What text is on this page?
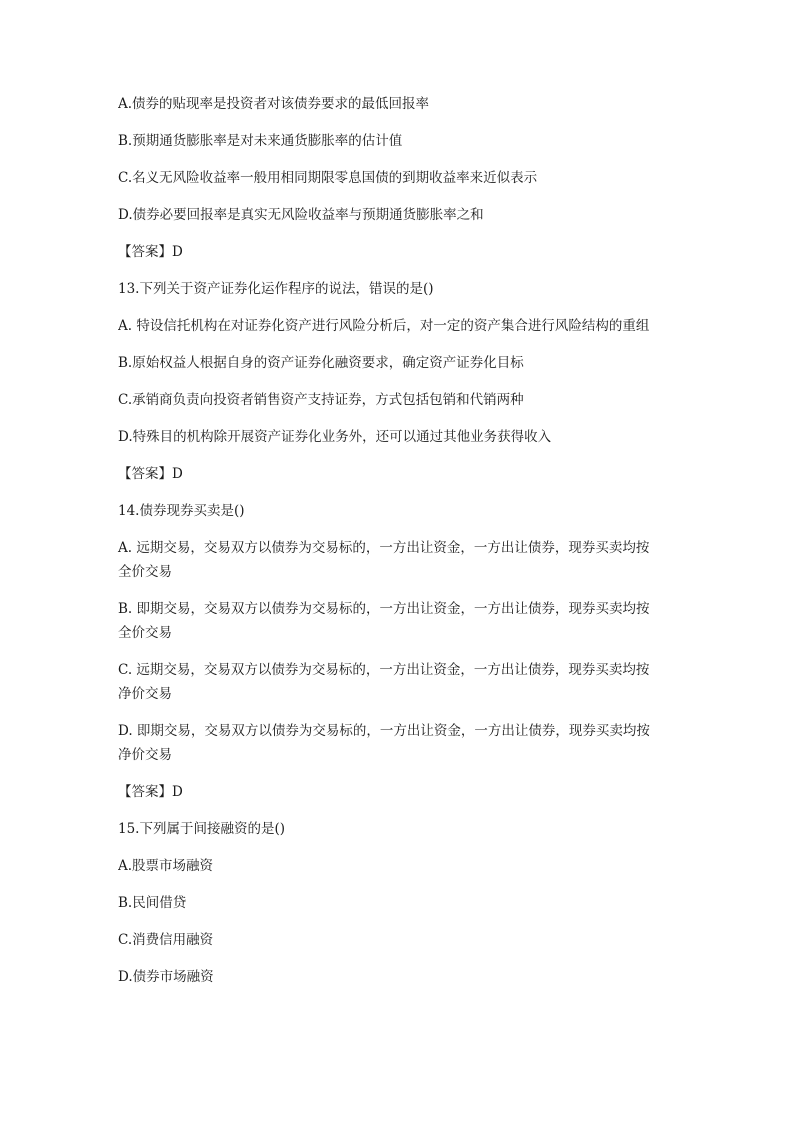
A.债券的贴现率是投资者对该债券要求的最低回报率
B.预期通货膨胀率是对未来通货膨胀率的估计值
C.名义无风险收益率一般用相同期限零息国债的到期收益率来近似表示
D.债券必要回报率是真实无风险收益率与预期通货膨胀率之和
【答案】D
13.下列关于资产证券化运作程序的说法，错误的是()
A. 特设信托机构在对证券化资产进行风险分析后，对一定的资产集合进行风险结构的重组
B.原始权益人根据自身的资产证券化融资要求，确定资产证券化目标
C.承销商负责向投资者销售资产支持证券，方式包括包销和代销两种
D.特殊目的机构除开展资产证券化业务外，还可以通过其他业务获得收入
【答案】D
14.债券现券买卖是()
A. 远期交易，交易双方以债券为交易标的，一方出让资金，一方出让债券，现券买卖均按
全价交易
B. 即期交易，交易双方以债券为交易标的，一方出让资金，一方出让债券，现券买卖均按
全价交易
C. 远期交易，交易双方以债券为交易标的，一方出让资金，一方出让债券，现券买卖均按
净价交易
D. 即期交易，交易双方以债券为交易标的，一方出让资金，一方出让债券，现券买卖均按
净价交易
【答案】D
15.下列属于间接融资的是()
A.股票市场融资
B.民间借贷
C.消费信用融资
D.债券市场融资
